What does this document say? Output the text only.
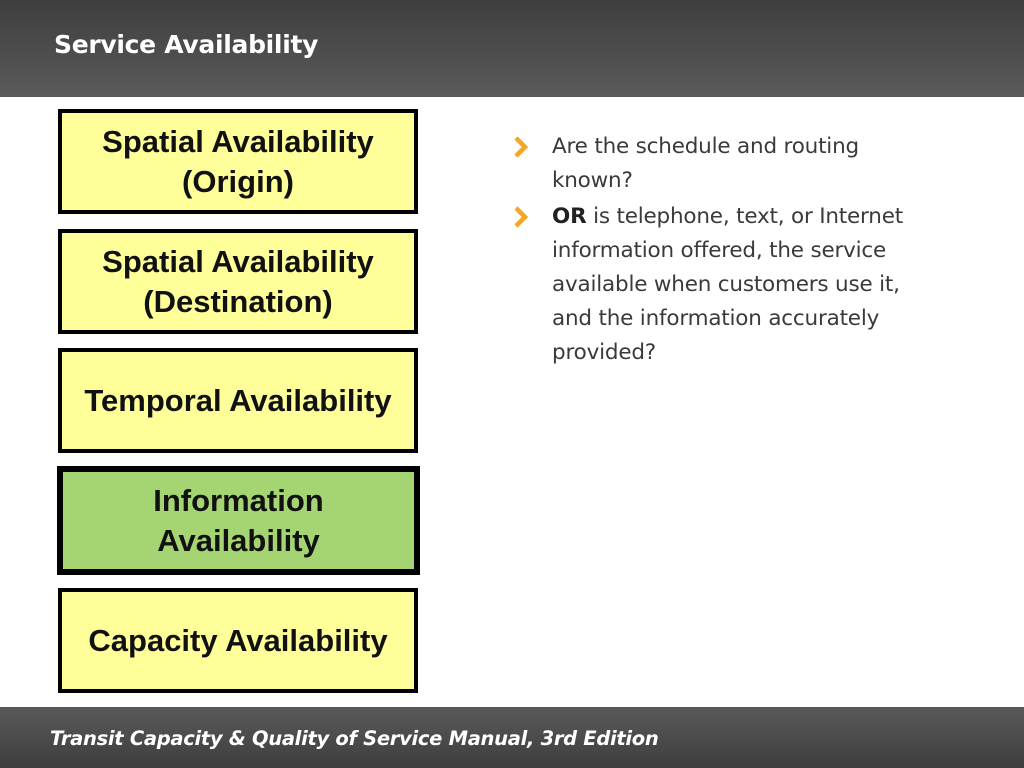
Service Availability
Spatial Availability (Origin)
Spatial Availability (Destination)
Temporal Availability
Information Availability
Capacity Availability
Are the schedule and routing known?
OR is telephone, text, or Internet information offered, the service available when customers use it, and the information accurately provided?
Transit Capacity & Quality of Service Manual, 3rd Edition
